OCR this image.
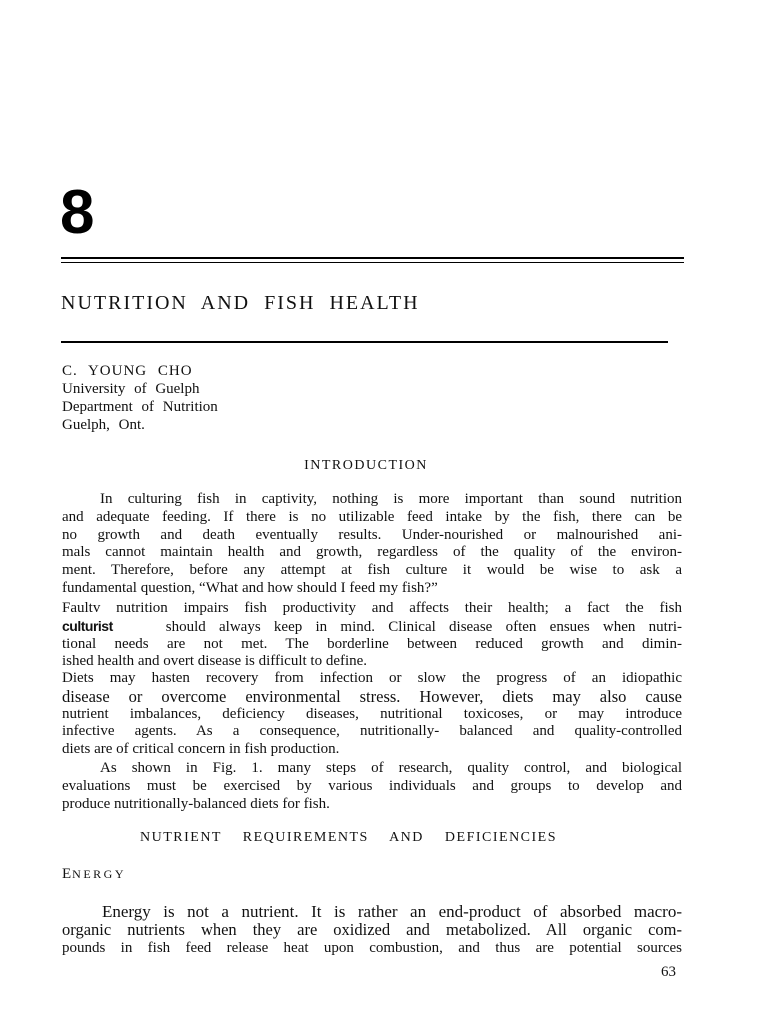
8
NUTRITION AND FISH HEALTH
C. YOUNG CHO
University of Guelph
Department of Nutrition
Guelph, Ont.
INTRODUCTION
In culturing fish in captivity, nothing is more important than sound nutrition
and adequate feeding. If there is no utilizable feed intake by the fish, there can be
no growth and death eventually results. Under-nourished or malnourished ani-
mals cannot maintain health and growth, regardless of the quality of the environ-
ment. Therefore, before any attempt at fish culture it would be wise to ask a
fundamental question, “What and how should I feed my fish?”
Faultv nutrition impairs fish productivity and affects their health; a fact the fish
culturist	should always keep in mind. Clinical disease often ensues when nutri-
tional needs are not met. The borderline between reduced growth and dimin-
ished health and overt disease is difficult to define.
Diets may hasten recovery from infection or slow the progress of an idiopathic
disease or overcome environmental stress. However, diets may also cause
nutrient imbalances, deficiency diseases, nutritional toxicoses, or may introduce
infective agents. As a consequence, nutritionally- balanced and quality-controlled
diets are of critical concern in fish production.
As shown in Fig. 1. many steps of research, quality control, and biological
evaluations must be exercised by various individuals and groups to develop and
produce nutritionally-balanced diets for fish.
NUTRIENT REQUIREMENTS AND DEFICIENCIES
ENERGY
Energy is not a nutrient. It is rather an end-product of absorbed macro-
organic nutrients when they are oxidized and metabolized. All organic com-
pounds in fish feed release heat upon combustion, and thus are potential sources
63
